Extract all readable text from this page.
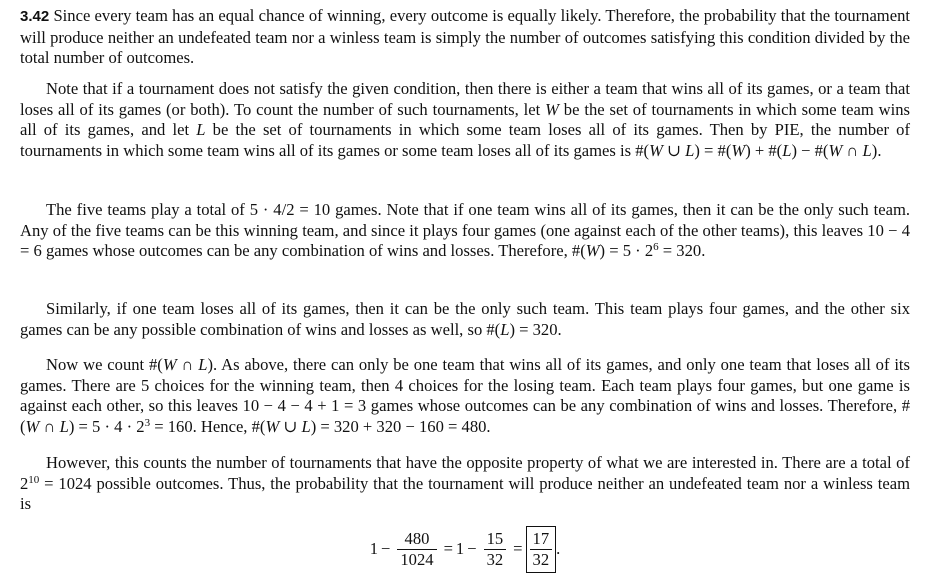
3.42 Since every team has an equal chance of winning, every outcome is equally likely. Therefore, the probability that the tournament will produce neither an undefeated team nor a winless team is simply the number of outcomes satisfying this condition divided by the total number of outcomes.

Note that if a tournament does not satisfy the given condition, then there is either a team that wins all of its games, or a team that loses all of its games (or both). To count the number of such tournaments, let W be the set of tournaments in which some team wins all of its games, and let L be the set of tournaments in which some team loses all of its games. Then by PIE, the number of tournaments in which some team wins all of its games or some team loses all of its games is #(W ∪ L) = #(W) + #(L) − #(W ∩ L).

The five teams play a total of 5 · 4/2 = 10 games. Note that if one team wins all of its games, then it can be the only such team. Any of the five teams can be this winning team, and since it plays four games (one against each of the other teams), this leaves 10 − 4 = 6 games whose outcomes can be any combination of wins and losses. Therefore, #(W) = $5 \cdot 2^6 = 320$.

Similarly, if one team loses all of its games, then it can be the only such team. This team plays four games, and the other six games can be any possible combination of wins and losses as well, so #(L) = 320.

Now we count #(W ∩ L). As above, there can only be one team that wins all of its games, and only one team that loses all of its games. There are 5 choices for the winning team, then 4 choices for the losing team. Each team plays four games, but one game is against each other, so this leaves 10 − 4 − 4 + 1 = 3 games whose outcomes can be any combination of wins and losses. Therefore, #(W ∩ $L) = 5 \cdot 4 \cdot 2^3 = 160$. Hence, #(W ∪ L) = 320 + 320 − 160 = 480.

However, this counts the number of tournaments that have the opposite property of what we are interested in. There are a total of $2^{10} = 1024$ possible outcomes. Thus, the probability that the tournament will produce neither an undefeated team nor a winless team is

$1 - \frac{480}{1024} = 1 - \frac{15}{32} = \frac{17}{32}$ .
